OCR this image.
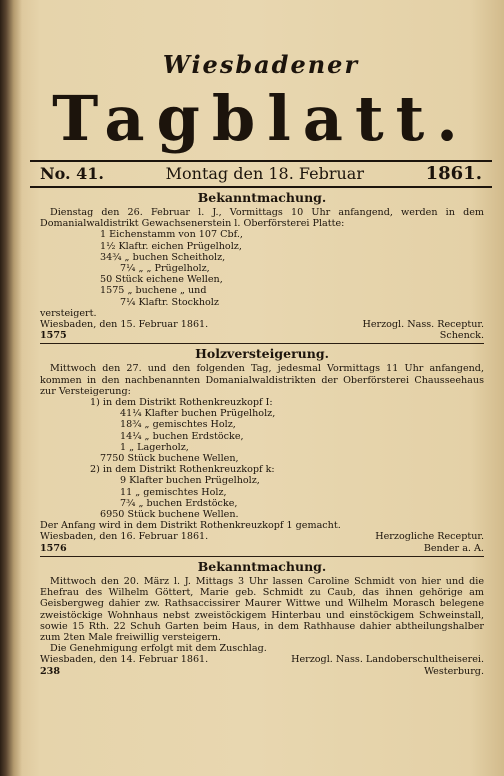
Wiesbadener
Tagblatt.
No. 41.	Montag den 18. Februar	1861.
Bekanntmachung.
Dienstag den 26. Februar l. J., Vormittags 10 Uhr anfangend, werden in dem Domanialwaldistrikt Gewachsenerstein l. Oberförsterei Platte:
1 Eichenstamm von 107 Cbf.,
1½ Klaftr. eichen Prügelholz,
34¾ „ buchen Scheitholz,
7¼ „ „ Prügelholz,
50 Stück eichene Wellen,
1575 „ buchene „ und
7¼ Klaftr. Stockholz
versteigert.
Wiesbaden, den 15. Februar 1861.	Herzogl. Nass. Receptur.
1575	Schenck.
Holzversteigerung.
Mittwoch den 27. und den folgenden Tag, jedesmal Vormittags 11 Uhr anfangend, kommen in den nachbenannten Domanialwaldistrikten der Oberförsterei Chausseehaus zur Versteigerung:
1) in dem Distrikt Rothenkreuzkopf I:
41¼ Klafter buchen Prügelholz,
18¾ „ gemischtes Holz,
14¼ „ buchen Erdstöcke,
1 „ Lagerholz,
7750 Stück buchene Wellen,
2) in dem Distrikt Rothenkreuzkopf k:
9 Klafter buchen Prügelholz,
11 „ gemischtes Holz,
7¾ „ buchen Erdstöcke,
6950 Stück buchene Wellen.
Der Anfang wird in dem Distrikt Rothenkreuzkopf 1 gemacht.
Wiesbaden, den 16. Februar 1861.	Herzogliche Receptur.
1576	Bender a. A.
Bekanntmachung.
Mittwoch den 20. März l. J. Mittags 3 Uhr lassen Caroline Schmidt von hier und die Ehefrau des Wilhelm Göttert, Marie geb. Schmidt zu Caub, das ihnen gehörige am Geisbergweg dahier zw. Rathsaccissirer Maurer Wittwe und Wilhelm Morasch belegene zweistöckige Wohnhaus nebst zweistöckigem Hinterbau und einstöckigem Schweinstall, sowie 15 Rth. 22 Schuh Garten beim Haus, in dem Rathhause dahier abtheilungshalber zum 2ten Male freiwillig versteigern.
Die Genehmigung erfolgt mit dem Zuschlag.
Wiesbaden, den 14. Februar 1861.	Herzogl. Nass. Landoberschultheiserei.
238	Westerburg.
